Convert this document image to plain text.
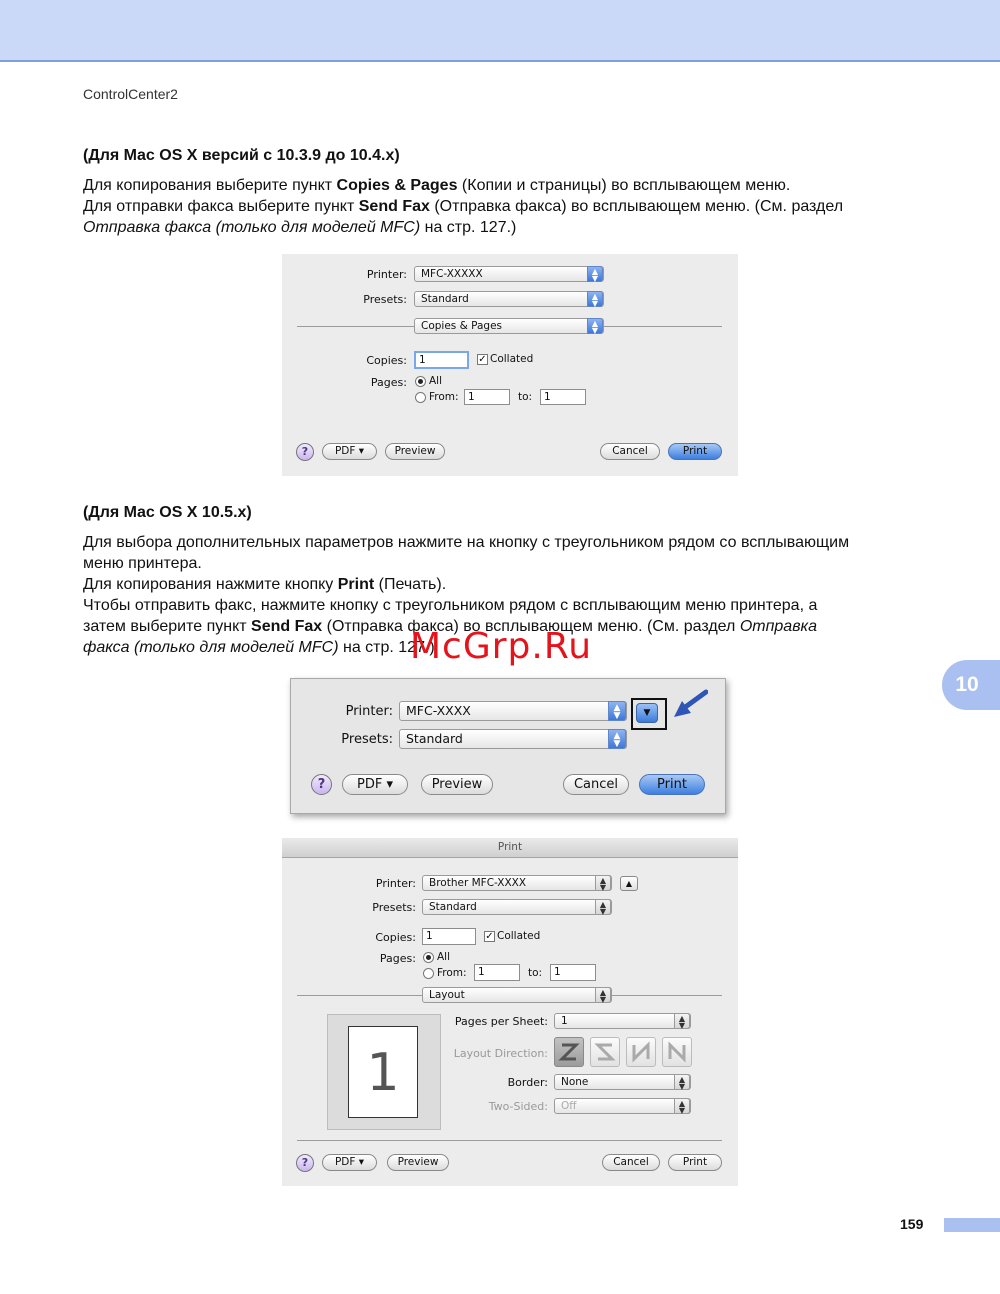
ControlCenter2
(Для Mac OS X версий с 10.3.9 до 10.4.x)
Для копирования выберите пункт Copies & Pages (Копии и страницы) во всплывающем меню.
Для отправки факса выберите пункт Send Fax (Отправка факса) во всплывающем меню. (См. раздел
Отправка факса (только для моделей MFC) на стр. 127.)
Printer:	MFC-XXXXX	▲
▼
Presets:	Standard	▲
▼
Copies & Pages	▲
▼
Copies:	1	✓ Collated
Pages: All
From: 1	to:	1
?	PDF ▾	Preview	Cancel	Print
(Для Mac OS X 10.5.x)
Для выбора дополнительных параметров нажмите на кнопку с треугольником рядом со всплывающим
меню принтера.
Для копирования нажмите кнопку Print (Печать).
Чтобы отправить факс, нажмите кнопку с треугольником рядом с всплывающим меню принтера, а
затем выберите пункт Send Fax (Отправка факса) во всплывающем меню. (См. раздел Отправка
факса (только для моделей MFC) на стр. 127.)
McGrp.Ru
10
Printer:	MFC-XXXX	▲
▼	▼
Presets:	Standard	▲
▼
?	PDF ▾	Preview	Cancel	Print
Print
Printer:	Brother MFC-XXXX	▲
▼	▲
Presets:	Standard	▲
▼
Copies: 1	✓ Collated
Pages: All
From:	1	to:	1
Layout	▲
▼
1
Pages per Sheet:	1	▲
▼
Layout Direction:
Border:	None	▲
▼
Two-Sided:	Off	▲
▼
?	PDF ▾	Preview	Cancel	Print
159
